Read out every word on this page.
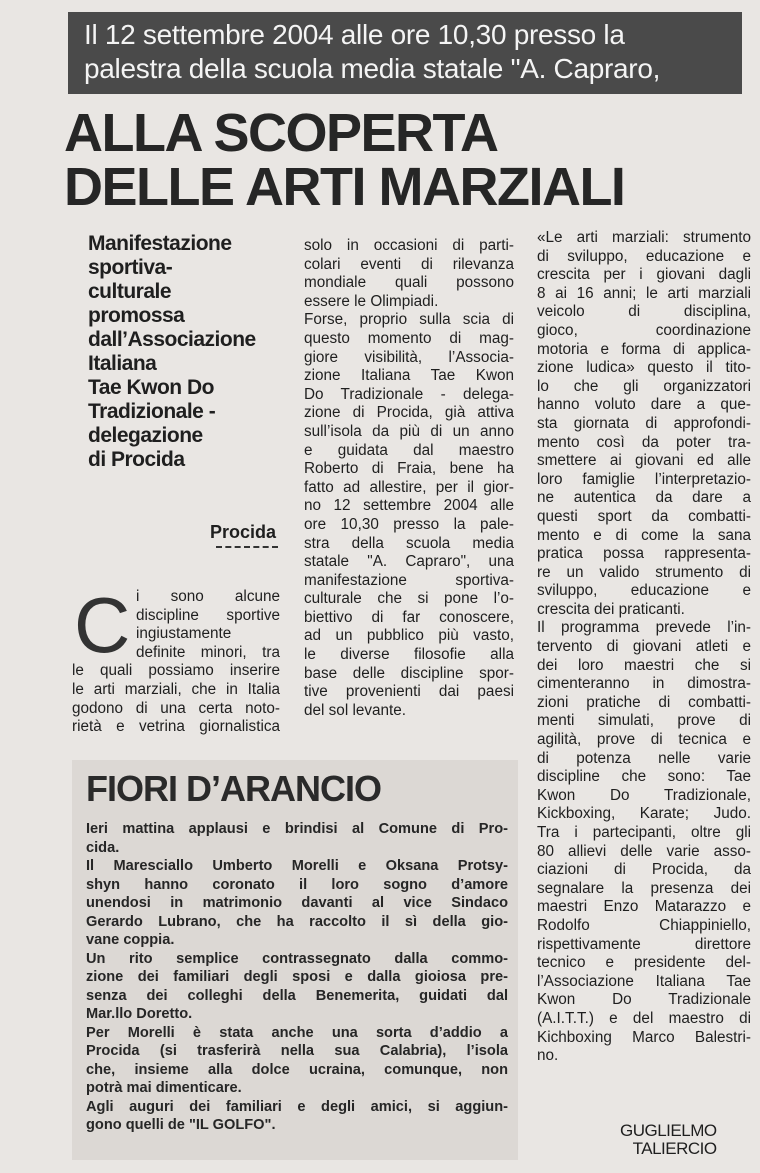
Il 12 settembre 2004 alle ore 10,30 presso la
palestra della scuola media statale "A. Capraro,
ALLA SCOPERTA
DELLE ARTI MARZIALI
Manifestazione
sportiva-
culturale
promossa
dall’Associazione
Italiana
Tae Kwon Do
Tradizionale -
delegazione
di Procida
Procida
C i sono alcune
discipline sportive
ingiustamente
definite minori, tra
le quali possiamo inserire
le arti marziali, che in Italia
godono di una certa noto-
rietà e vetrina giornalistica
solo in occasioni di parti-
colari eventi di rilevanza
mondiale quali possono
essere le Olimpiadi.
Forse, proprio sulla scia di
questo momento di mag-
giore visibilità, l’Associa-
zione Italiana Tae Kwon
Do Tradizionale - delega-
zione di Procida, già attiva
sull’isola da più di un anno
e guidata dal maestro
Roberto di Fraia, bene ha
fatto ad allestire, per il gior-
no 12 settembre 2004 alle
ore 10,30 presso la pale-
stra della scuola media
statale "A. Capraro", una
manifestazione sportiva-
culturale che si pone l’o-
biettivo di far conoscere,
ad un pubblico più vasto,
le diverse filosofie alla
base delle discipline spor-
tive provenienti dai paesi
del sol levante.
«Le arti marziali: strumento
di sviluppo, educazione e
crescita per i giovani dagli
8 ai 16 anni; le arti marziali
veicolo di disciplina,
gioco, coordinazione
motoria e forma di applica-
zione ludica» questo il tito-
lo che gli organizzatori
hanno voluto dare a que-
sta giornata di approfondi-
mento così da poter tra-
smettere ai giovani ed alle
loro famiglie l’interpretazio-
ne autentica da dare a
questi sport da combatti-
mento e di come la sana
pratica possa rappresenta-
re un valido strumento di
sviluppo, educazione e
crescita dei praticanti.
Il programma prevede l’in-
tervento di giovani atleti e
dei loro maestri che si
cimenteranno in dimostra-
zioni pratiche di combatti-
menti simulati, prove di
agilità, prove di tecnica e
di potenza nelle varie
discipline che sono: Tae
Kwon Do Tradizionale,
Kickboxing, Karate; Judo.
Tra i partecipanti, oltre gli
80 allievi delle varie asso-
ciazioni di Procida, da
segnalare la presenza dei
maestri Enzo Matarazzo e
Rodolfo Chiappiniello,
rispettivamente direttore
tecnico e presidente del-
l’Associazione Italiana Tae
Kwon Do Tradizionale
(A.I.T.T.) e del maestro di
Kichboxing Marco Balestri-
no.
FIORI D’ARANCIO
Ieri mattina applausi e brindisi al Comune di Pro-
cida.
Il Maresciallo Umberto Morelli e Oksana Protsy-
shyn hanno coronato il loro sogno d’amore
unendosi in matrimonio davanti al vice Sindaco
Gerardo Lubrano, che ha raccolto il sì della gio-
vane coppia.
Un rito semplice contrassegnato dalla commo-
zione dei familiari degli sposi e dalla gioiosa pre-
senza dei colleghi della Benemerita, guidati dal
Mar.llo Doretto.
Per Morelli è stata anche una sorta d’addio a
Procida (si trasferirà nella sua Calabria), l’isola
che, insieme alla dolce ucraina, comunque, non
potrà mai dimenticare.
Agli auguri dei familiari e degli amici, si aggiun-
gono quelli de "IL GOLFO".	GUGLIELMO
TALIERCIO
